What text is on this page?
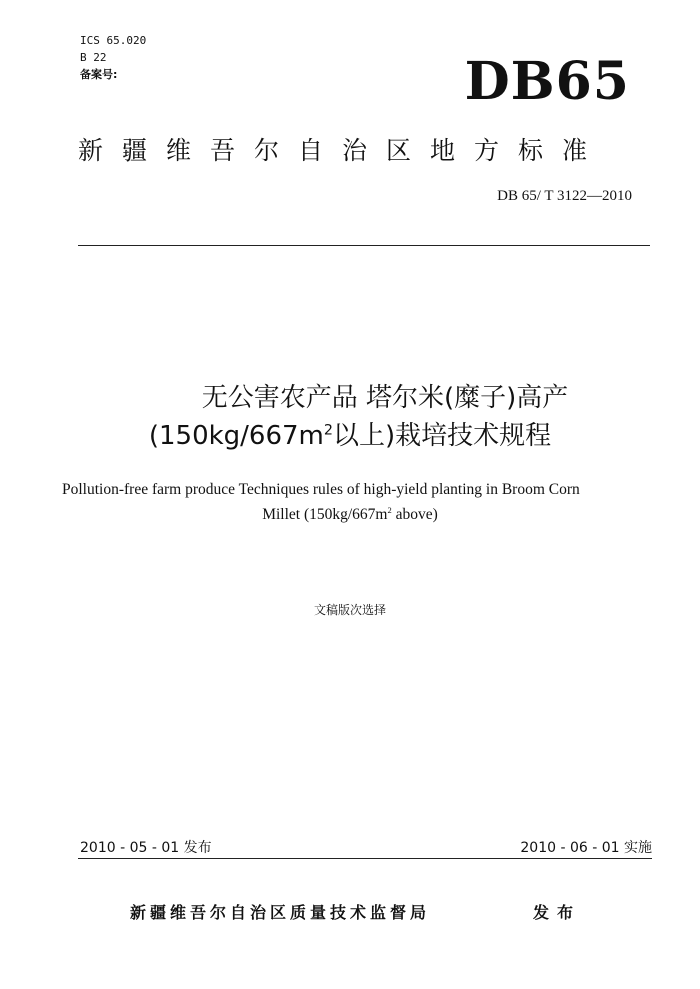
ICS 65.020
B 22
备案号:	DB65
新疆维吾尔自治区地方标准
DB 65/ T 3122—2010
无公害农产品 塔尔米(糜子)高产
($150kg/667m^2$以上)栽培技术规程
Pollution-free farm produce Techniques rules of high-yield planting in Broom Corn
Millet ($150kg/667m^2$ above)
文稿版次选择
2010 - 05 - 01 发布	2010 - 06 - 01 实施
新疆维吾尔自治区质量技术监督局	发布
